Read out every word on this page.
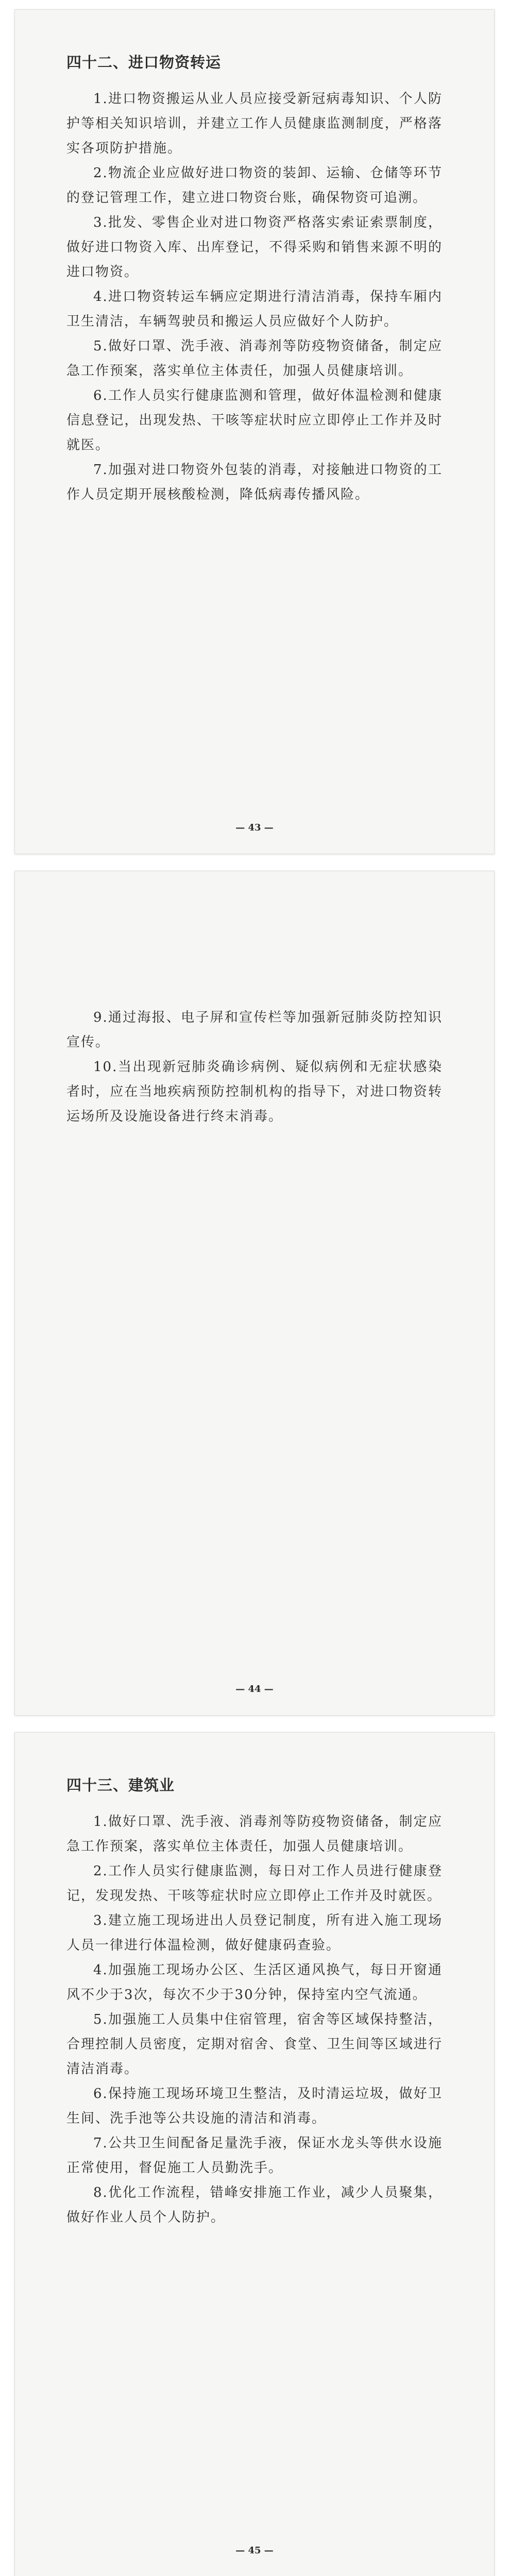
四十二、进口物资转运

1.进口物资搬运从业人员应接受新冠病毒知识、个人防护等相关知识培训，并建立工作人员健康监测制度，严格落实各项防护措施。

2.物流企业应做好进口物资的装卸、运输、仓储等环节的登记管理工作，建立进口物资台账，确保物资可追溯。

3.批发、零售企业对进口物资严格落实索证索票制度，做好进口物资入库、出库登记，不得采购和销售来源不明的进口物资。

4.进口物资转运车辆应定期进行清洁消毒，保持车厢内卫生清洁，车辆驾驶员和搬运人员应做好个人防护。

5.做好口罩、洗手液、消毒剂等防疫物资储备，制定应急工作预案，落实单位主体责任，加强人员健康培训。

6.工作人员实行健康监测和管理，做好体温检测和健康信息登记，出现发热、干咳等症状时应立即停止工作并及时就医。

7.加强对进口物资外包装的消毒，对接触进口物资的工作人员定期开展核酸检测，降低病毒传播风险。

— 43 —

9.通过海报、电子屏和宣传栏等加强新冠肺炎防控知识宣传。

10.当出现新冠肺炎确诊病例、疑似病例和无症状感染者时，应在当地疾病预防控制机构的指导下，对进口物资转运场所及设施设备进行终末消毒。

— 44 —
四十三、建筑业

1.做好口罩、洗手液、消毒剂等防疫物资储备，制定应急工作预案，落实单位主体责任，加强人员健康培训。

2.工作人员实行健康监测，每日对工作人员进行健康登记，发现发热、干咳等症状时应立即停止工作并及时就医。

3.建立施工现场进出人员登记制度，所有进入施工现场人员一律进行体温检测，做好健康码查验。

4.加强施工现场办公区、生活区通风换气，每日开窗通风不少于3次，每次不少于30分钟，保持室内空气流通。

5.加强施工人员集中住宿管理，宿舍等区域保持整洁，合理控制人员密度，定期对宿舍、食堂、卫生间等区域进行清洁消毒。

6.保持施工现场环境卫生整洁，及时清运垃圾，做好卫生间、洗手池等公共设施的清洁和消毒。

7.公共卫生间配备足量洗手液，保证水龙头等供水设施正常使用，督促施工人员勤洗手。

8.优化工作流程，错峰安排施工作业，减少人员聚集，做好作业人员个人防护。

— 45 —
